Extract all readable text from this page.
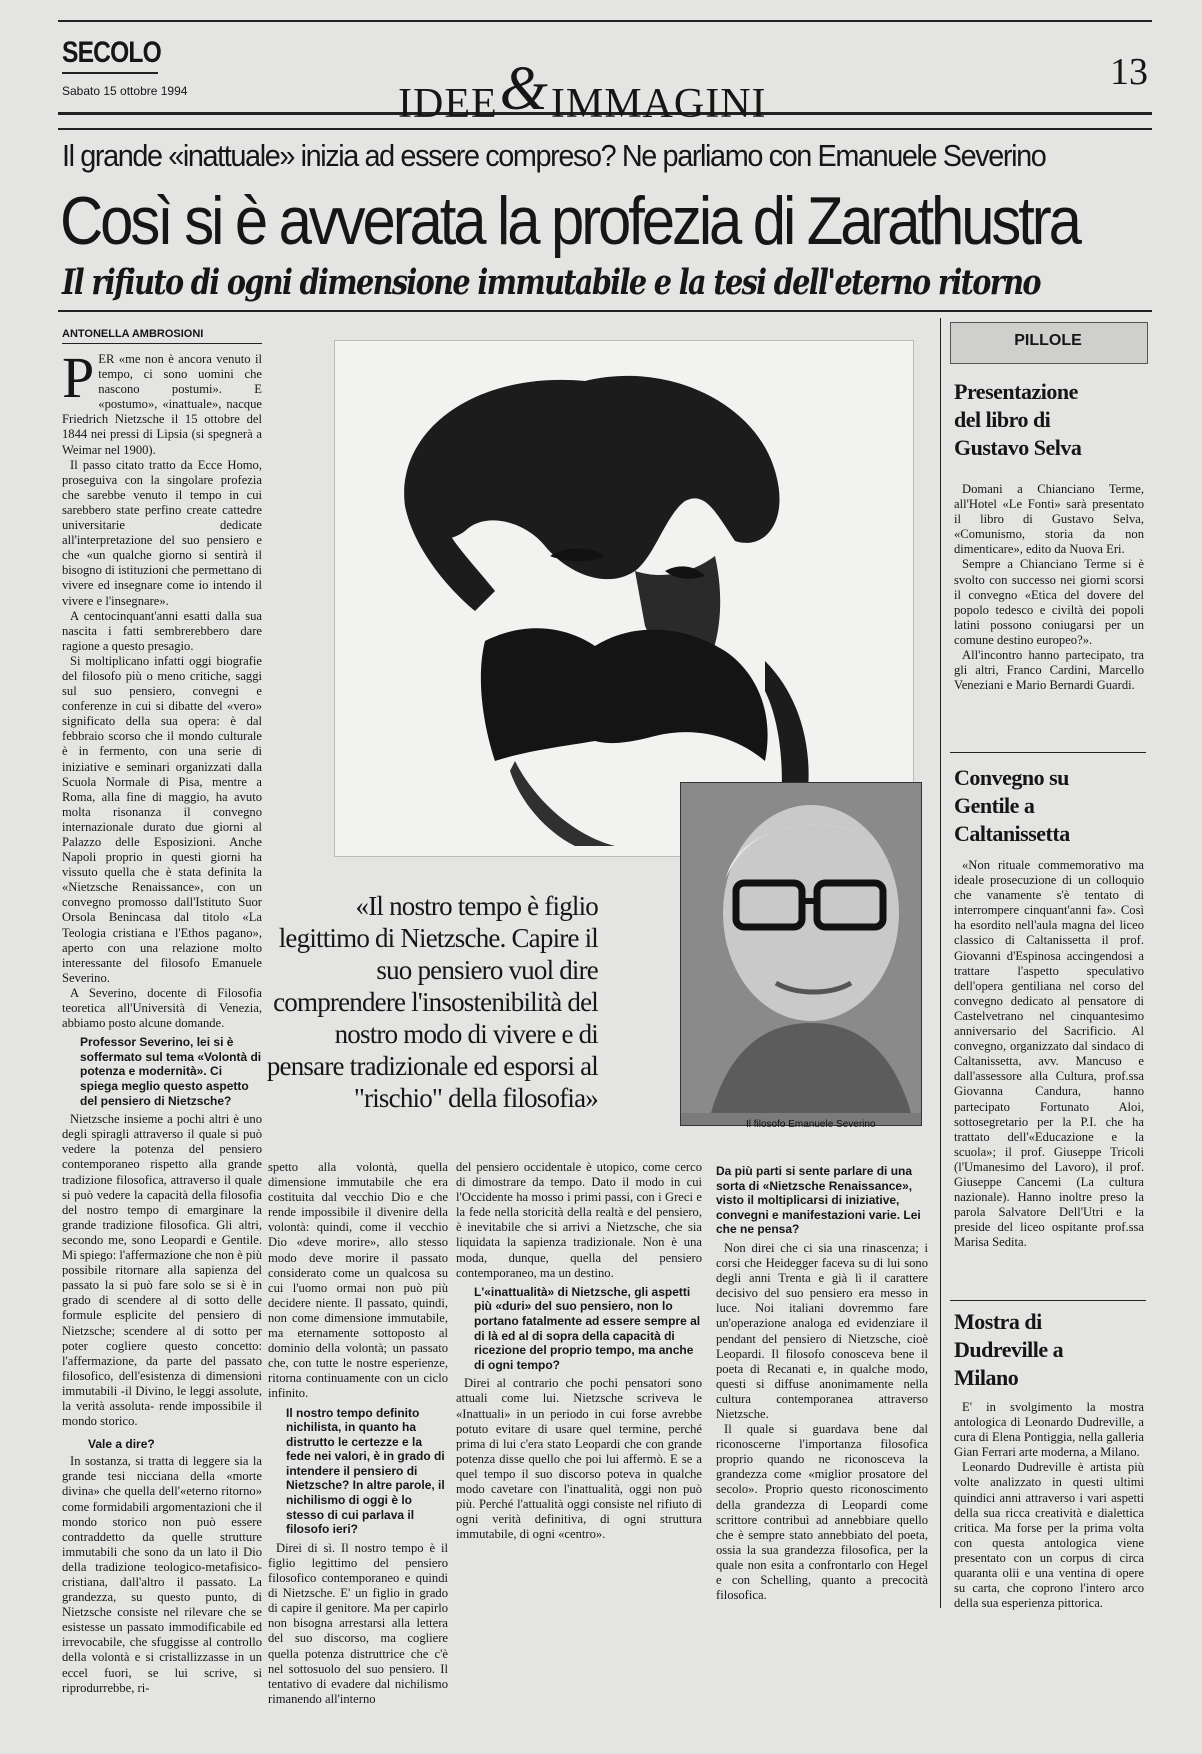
SECOLO
Sabato 15 ottobre 1994	IDEE&IMMAGINI
13
Il grande «inattuale» inizia ad essere compreso? Ne parliamo con Emanuele Severino
Così si è avverata la profezia di Zarathustra
Il rifiuto di ogni dimensione immutabile e la tesi dell'eterno ritorno
ANTONELLA AMBROSIONI
P ER «me non è ancora venuto il tempo, ci sono uomini che nascono postumi». E «postumo», «inattuale», nacque Friedrich Nietzsche il 15 ottobre del 1844 nei pressi di Lipsia (si spegnerà a Weimar nel 1900).

Il passo citato tratto da Ecce Homo, proseguiva con la singolare profezia che sarebbe venuto il tempo in cui sarebbero state perfino create cattedre universitarie dedicate all'interpretazione del suo pensiero e che «un qualche giorno si sentirà il bisogno di istituzioni che permettano di vivere ed insegnare come io intendo il vivere e l'insegnare».

A centocinquant'anni esatti dalla sua nascita i fatti sembrerebbero dare ragione a questo presagio.

Si moltiplicano infatti oggi biografie del filosofo più o meno critiche, saggi sul suo pensiero, convegni e conferenze in cui si dibatte del «vero» significato della sua opera: è dal febbraio scorso che il mondo culturale è in fermento, con una serie di iniziative e seminari organizzati dalla Scuola Normale di Pisa, mentre a Roma, alla fine di maggio, ha avuto molta risonanza il convegno internazionale durato due giorni al Palazzo delle Esposizioni. Anche Napoli proprio in questi giorni ha vissuto quella che è stata definita la «Nietzsche Renaissance», con un convegno promosso dall'Istituto Suor Orsola Benincasa dal titolo «La Teologia cristiana e l'Ethos pagano», aperto con una relazione molto interessante del filosofo Emanuele Severino.

A Severino, docente di Filosofia teoretica all'Università di Venezia, abbiamo posto alcune domande.

Professor Severino, lei si è soffermato sul tema «Volontà di potenza e modernità». Ci spiega meglio questo aspetto del pensiero di Nietzsche?

Nietzsche insieme a pochi altri è uno degli spiragli attraverso il quale si può vedere la potenza del pensiero contemporaneo rispetto alla grande tradizione filosofica, attraverso il quale si può vedere la capacità della filosofia del nostro tempo di emarginare la grande tradizione filosofica. Gli altri, secondo me, sono Leopardi e Gentile. Mi spiego: l'affermazione che non è più possibile ritornare alla sapienza del passato la si può fare solo se si è in grado di scendere al di sotto delle formule esplicite del pensiero di Nietzsche; scendere al di sotto per poter cogliere questo concetto: l'affermazione, da parte del passato filosofico, dell'esistenza di dimensioni immutabili -il Divino, le leggi assolute, la verità assoluta- rende impossibile il mondo storico.

Vale a dire?

In sostanza, si tratta di leggere sia la grande tesi nicciana della «morte divina» che quella dell'«eterno ritorno» come formidabili argomentazioni che il mondo storico non può essere contraddetto da quelle strutture immutabili che sono da un lato il Dio della tradizione teologico-metafisico-cristiana, dall'altro il passato. La grandezza, su questo punto, di Nietzsche consiste nel rilevare che se esistesse un passato immodificabile ed irrevocabile, che sfuggisse al controllo della volontà e si cristallizzasse in un eccel fuori, se lui scrive, si riprodurrebbe, ri-

Il filosofo Emanuele Severino
«Il nostro tempo è figlio legittimo di Nietzsche. Capire il suo pensiero vuol dire comprendere l'insostenibilità del nostro modo di vivere e di pensare tradizionale ed esporsi al "rischio" della filosofia»

spetto alla volontà, quella dimensione immutabile che era costituita dal vecchio Dio e che rende impossibile il divenire della volontà: quindi, come il vecchio Dio «deve morire», allo stesso modo deve morire il passato considerato come un qualcosa su cui l'uomo ormai non può più decidere niente. Il passato, quindi, non come dimensione immutabile, ma eternamente sottoposto al dominio della volontà; un passato che, con tutte le nostre esperienze, ritorna continuamente con un ciclo infinito.

Il nostro tempo definito nichilista, in quanto ha distrutto le certezze e la fede nei valori, è in grado di intendere il pensiero di Nietzsche? In altre parole, il nichilismo di oggi è lo stesso di cui parlava il filosofo ieri?

Direi di sì. Il nostro tempo è il figlio legittimo del pensiero filosofico contemporaneo e quindi di Nietzsche. E' un figlio in grado di capire il genitore. Ma per capirlo non bisogna arrestarsi alla lettera del suo discorso, ma cogliere quella potenza distruttrice che c'è nel sottosuolo del suo pensiero. Il tentativo di evadere dal nichilismo rimanendo all'interno

del pensiero occidentale è utopico, come cerco di dimostrare da tempo. Dato il modo in cui l'Occidente ha mosso i primi passi, con i Greci e la fede nella storicità della realtà e del pensiero, è inevitabile che si arrivi a Nietzsche, che sia liquidata la sapienza tradizionale. Non è una moda, dunque, quella del pensiero contemporaneo, ma un destino.

L'«inattualità» di Nietzsche, gli aspetti più «duri» del suo pensiero, non lo portano fatalmente ad essere sempre al di là ed al di sopra della capacità di ricezione del proprio tempo, ma anche di ogni tempo?

Direi al contrario che pochi pensatori sono attuali come lui. Nietzsche scriveva le «Inattuali» in un periodo in cui forse avrebbe potuto evitare di usare quel termine, perché prima di lui c'era stato Leopardi che con grande potenza disse quello che poi lui affermò. E se a quel tempo il suo discorso poteva in qualche modo cavetare con l'inattualità, oggi non può più. Perché l'attualità oggi consiste nel rifiuto di ogni verità definitiva, di ogni struttura immutabile, di ogni «centro».

Da più parti si sente parlare di una sorta di «Nietzsche Renaissance», visto il moltiplicarsi di iniziative, convegni e manifestazioni varie. Lei che ne pensa?

Non direi che ci sia una rinascenza; i corsi che Heidegger faceva su di lui sono degli anni Trenta e già lì il carattere decisivo del suo pensiero era messo in luce. Noi italiani dovremmo fare un'operazione analoga ed evidenziare il pendant del pensiero di Nietzsche, cioè Leopardi. Il filosofo conosceva bene il poeta di Recanati e, in qualche modo, questi si diffuse anonimamente nella cultura contemporanea attraverso Nietzsche.

Il quale si guardava bene dal riconoscerne l'importanza filosofica proprio quando ne riconosceva la grandezza come «miglior prosatore del secolo». Proprio questo riconoscimento della grandezza di Leopardi come scrittore contribuì ad annebbiare quello che è sempre stato annebbiato del poeta, ossia la sua grandezza filosofica, per la quale non esita a confrontarlo con Hegel e con Schelling, quanto a precocità filosofica.

PILLOLE
Presentazione del libro di Gustavo Selva

Domani a Chianciano Terme, all'Hotel «Le Fonti» sarà presentato il libro di Gustavo Selva, «Comunismo, storia da non dimenticare», edito da Nuova Eri.

Sempre a Chianciano Terme si è svolto con successo nei giorni scorsi il convegno «Etica del dovere del popolo tedesco e civiltà dei popoli latini possono coniugarsi per un comune destino europeo?».

All'incontro hanno partecipato, tra gli altri, Franco Cardini, Marcello Veneziani e Mario Bernardi Guardi.

Convegno su Gentile a Caltanissetta

«Non rituale commemorativo ma ideale prosecuzione di un colloquio che vanamente s'è tentato di interrompere cinquant'anni fa». Così ha esordito nell'aula magna del liceo classico di Caltanissetta il prof. Giovanni d'Espinosa accingendosi a trattare l'aspetto speculativo dell'opera gentiliana nel corso del convegno dedicato al pensatore di Castelvetrano nel cinquantesimo anniversario del Sacrificio. Al convegno, organizzato dal sindaco di Caltanissetta, avv. Mancuso e dall'assessore alla Cultura, prof.ssa Giovanna Candura, hanno partecipato Fortunato Aloi, sottosegretario per la P.I. che ha trattato dell'«Educazione e la scuola»; il prof. Giuseppe Tricoli (l'Umanesimo del Lavoro), il prof. Giuseppe Cancemi (La cultura nazionale). Hanno inoltre preso la parola Salvatore Dell'Utri e la preside del liceo ospitante prof.ssa Marisa Sedita.

Mostra di Dudreville a Milano

E' in svolgimento la mostra antologica di Leonardo Dudreville, a cura di Elena Pontiggia, nella galleria Gian Ferrari arte moderna, a Milano.

Leonardo Dudreville è artista più volte analizzato in questi ultimi quindici anni attraverso i vari aspetti della sua ricca creatività e dialettica critica. Ma forse per la prima volta con questa antologica viene presentato con un corpus di circa quaranta olii e una ventina di opere su carta, che coprono l'intero arco della sua esperienza pittorica.
